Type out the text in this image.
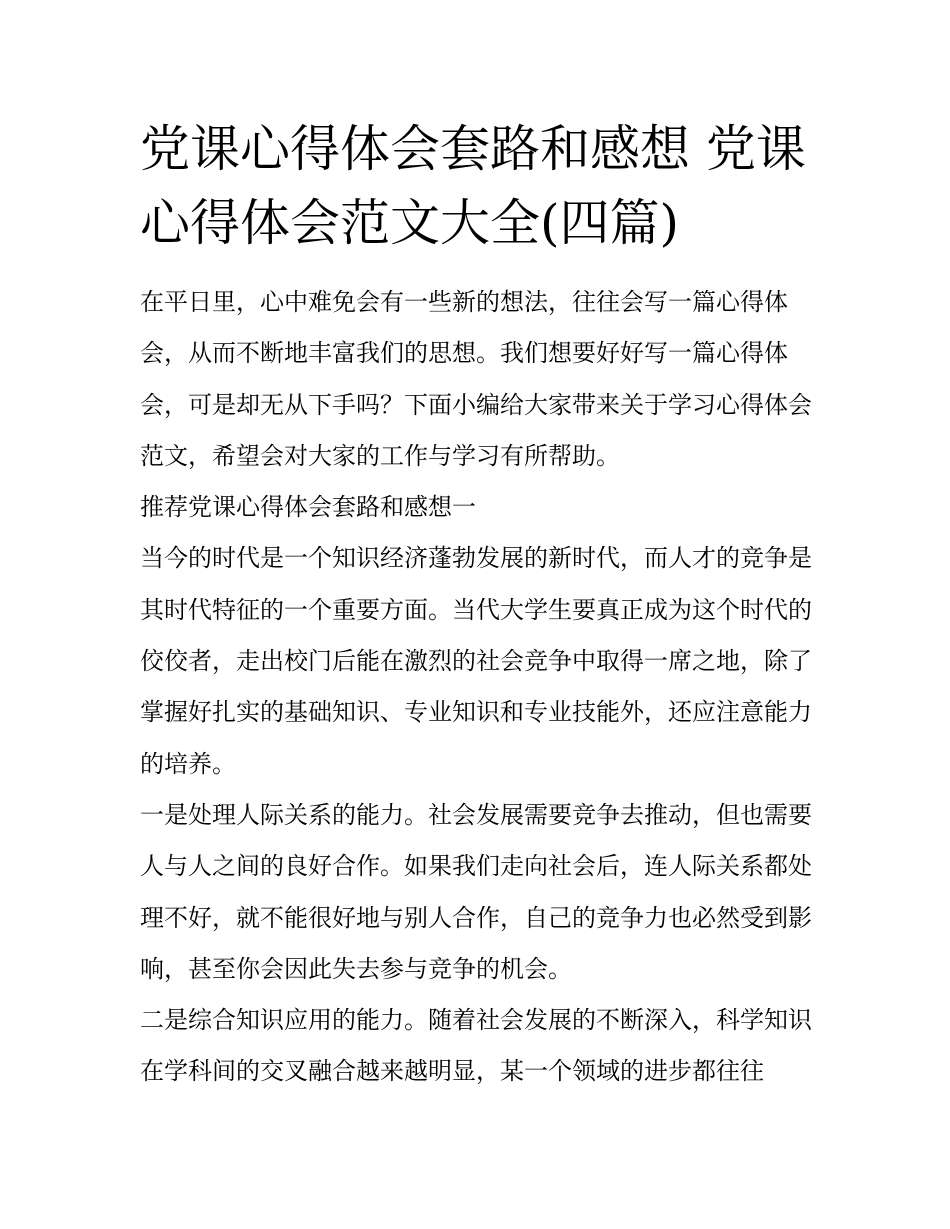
党课心得体会套路和感想 党课
心得体会范文大全(四篇)

在平日里，心中难免会有一些新的想法，往往会写一篇心得体会，从而不断地丰富我们的思想。我们想要好好写一篇心得体会，可是却无从下手吗？下面小编给大家带来关于学习心得体会范文，希望会对大家的工作与学习有所帮助。

推荐党课心得体会套路和感想一

当今的时代是一个知识经济蓬勃发展的新时代，而人才的竞争是其时代特征的一个重要方面。当代大学生要真正成为这个时代的佼佼者，走出校门后能在激烈的社会竞争中取得一席之地，除了掌握好扎实的基础知识、专业知识和专业技能外，还应注意能力的培养。

一是处理人际关系的能力。社会发展需要竞争去推动，但也需要人与人之间的良好合作。如果我们走向社会后，连人际关系都处理不好，就不能很好地与别人合作，自己的竞争力也必然受到影响，甚至你会因此失去参与竞争的机会。

二是综合知识应用的能力。随着社会发展的不断深入，科学知识在学科间的交叉融合越来越明显，某一个领域的进步都往往
